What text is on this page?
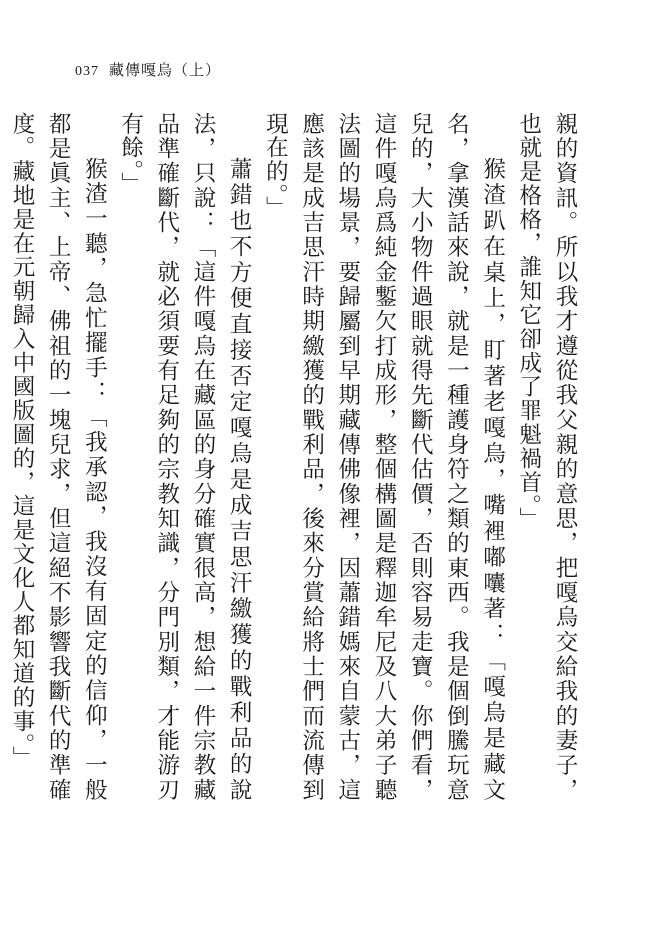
037 藏傳嘎烏（上）

親的資訊。所以我才遵從我父親的意思，把嘎烏交給我的妻子，也就是格格，誰知它卻成了罪魁禍首。」

猴渣趴在桌上，盯著老嘎烏，嘴裡嘟囔著：「嘎烏是藏文名，拿漢話來說，就是一種護身符之類的東西。我是個倒騰玩意兒的，大小物件過眼就得先斷代估價，否則容易走寶。你們看，這件嘎烏爲純金鏨欠打成形，整個構圖是釋迦牟尼及八大弟子聽法圖的場景，要歸屬到早期藏傳佛像裡，因蕭錯媽來自蒙古，這應該是成吉思汗時期繳獲的戰利品，後來分賞給將士們而流傳到現在的。」

蕭錯也不方便直接否定嘎烏是成吉思汗繳獲的戰利品的說法，只說：「這件嘎烏在藏區的身分確實很高，想給一件宗教藏品準確斷代，就必須要有足夠的宗教知識，分門別類，才能游刃有餘。」

猴渣一聽，急忙擺手：「我承認，我沒有固定的信仰，一般都是眞主、上帝、佛祖的一塊兒求，但這絕不影響我斷代的準確度。藏地是在元朝歸入中國版圖的，這是文化人都知道的事。」
